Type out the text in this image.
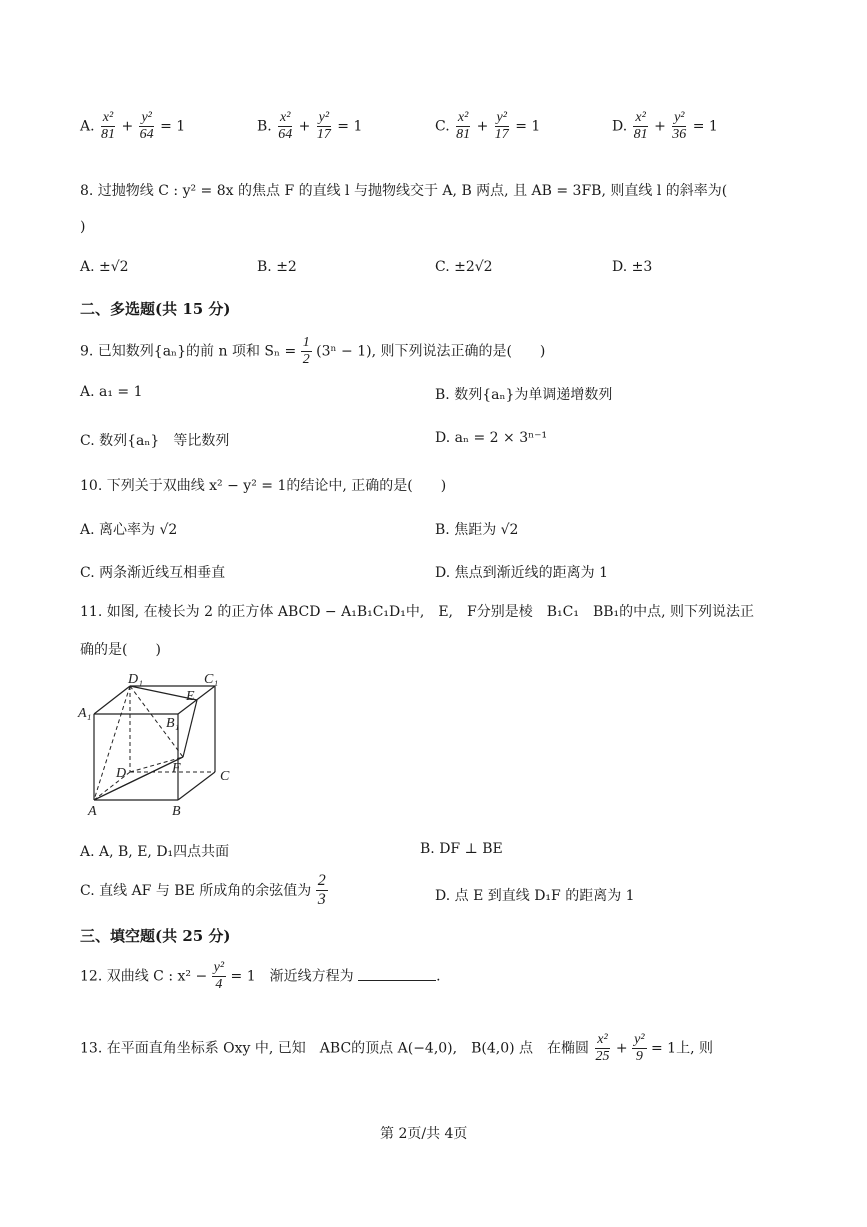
A. $\frac{\text{x²}}{81} + \frac{\text{y²}}{64} = 1$	B. $\frac{\text{x²}}{64} + \frac{\text{y²}}{17} = 1$	C. $\frac{\text{x²}}{81} + \frac{\text{y²}}{17} = 1$	D. $\frac{\text{x²}}{81} + \frac{\text{y²}}{36} = 1$
8. 过抛物线 C : y² = 8x 的焦点 F 的直线 l 与抛物线交于 A, B 两点, 且 AB = 3FB, 则直线 l 的斜率为(
)
A. ±√2	B. ±2	C. ±2√2	D. ±3
二、多选题(共 15 分)
9. 已知数列{aₙ}的前 n 项和 $S_n = \frac{1}{2} (3^n - 1)$, 则下列说法正确的是(　　)
A. a₁ = 1	B. 数列{aₙ}为单调递增数列
C. 数列{aₙ}　等比数列	D. aₙ = 2 × 3ⁿ⁻¹
10. 下列关于双曲线 x² − y² = 1的结论中, 正确的是(　　)
A. 离心率为 √2	B. 焦距为 √2
C. 两条渐近线互相垂直	D. 焦点到渐近线的距离为 1
11. 如图, 在棱长为 2 的正方体 ABCD − A₁B₁C₁D₁中,　E,　F分别是棱　B₁C₁　BB₁的中点, 则下列说法正
确的是(　　)
D₁	C₁
A₁
B₁
E
F
D	C
A	B
A. A, B, E, D₁四点共面	B. DF ⊥ BE
C. 直线 AF 与 BE 所成角的余弦值为 $\frac{2}{3}$	D. 点 E 到直线 D₁F 的距离为 1
三、填空题(共 25 分)
12. 双曲线 C : $x^2 - \frac{\text{y²}}{4} = 1$　渐近线方程为	.
13. 在平面直角坐标系 Oxy 中, 已知　ABC的顶点 A(−4,0),　B(4,0) 点　在椭圆 $\frac{\text{x²}}{25} + \frac{\text{y²}}{9} = 1$上, 则
第 2页/共 4页
